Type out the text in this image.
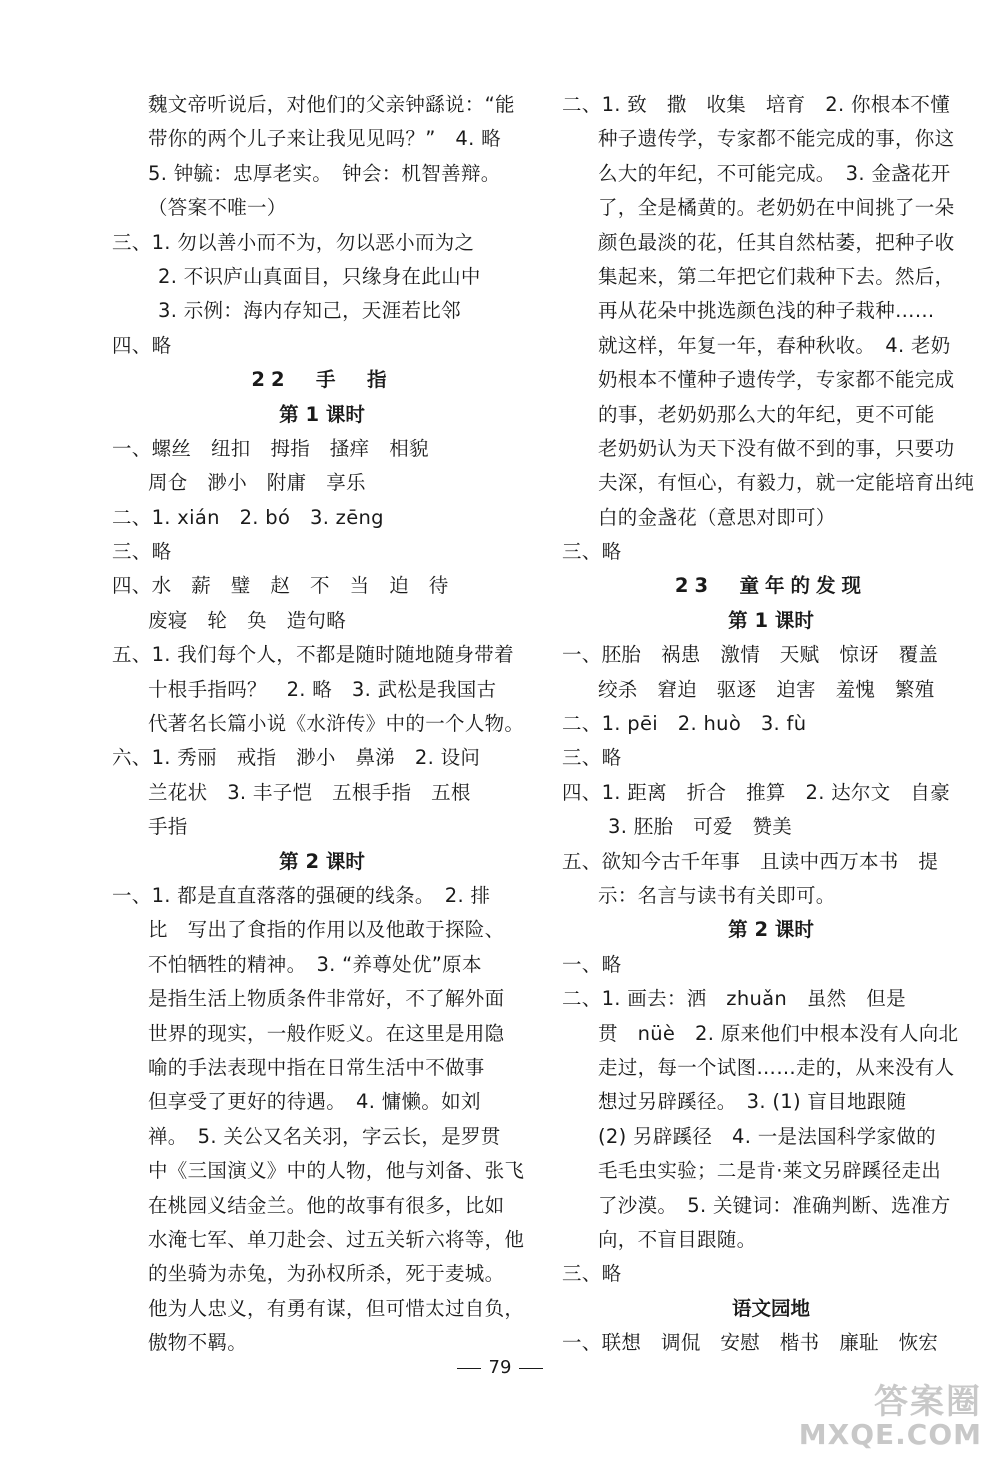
魏文帝听说后，对他们的父亲钟繇说：“能
带你的两个儿子来让我见见吗？”　4. 略
5. 钟毓：忠厚老实。　钟会：机智善辩。
（答案不唯一）
三、1. 勿以善小而不为，勿以恶小而为之
2. 不识庐山真面目，只缘身在此山中
3. 示例：海内存知己，天涯若比邻
四、略
22　手　指
第 1 课时
一、螺丝　纽扣　拇指　搔痒　相貌
周仓　渺小　附庸　享乐
二、1. xián　2. bó　3. zēng
三、略
四、水　薪　璧　赵　不　当　迫　待
废寝　轮　奂　造句略
五、1. 我们每个人，不都是随时随地随身带着
十根手指吗？　2. 略　3. 武松是我国古
代著名长篇小说《水浒传》中的一个人物。
六、1. 秀丽　戒指　渺小　鼻涕　2. 设问
兰花状　3. 丰子恺　五根手指　五根
手指
第 2 课时
一、1. 都是直直落落的强硬的线条。　2. 排
比　写出了食指的作用以及他敢于探险、
不怕牺牲的精神。　3. “养尊处优”原本
是指生活上物质条件非常好，不了解外面
世界的现实，一般作贬义。在这里是用隐
喻的手法表现中指在日常生活中不做事
但享受了更好的待遇。　4. 慵懒。如刘
禅。　5. 关公又名关羽，字云长，是罗贯
中《三国演义》中的人物，他与刘备、张飞
在桃园义结金兰。他的故事有很多，比如
水淹七军、单刀赴会、过五关斩六将等，他
的坐骑为赤兔，为孙权所杀，死于麦城。
他为人忠义，有勇有谋，但可惜太过自负，
傲物不羁。
二、1. 致　撒　收集　培育　2. 你根本不懂
种子遗传学，专家都不能完成的事，你这
么大的年纪，不可能完成。　3. 金盏花开
了，全是橘黄的。老奶奶在中间挑了一朵
颜色最淡的花，任其自然枯萎，把种子收
集起来，第二年把它们栽种下去。然后，
再从花朵中挑选颜色浅的种子栽种……
就这样，年复一年，春种秋收。　4. 老奶
奶根本不懂种子遗传学，专家都不能完成
的事，老奶奶那么大的年纪，更不可能
老奶奶认为天下没有做不到的事，只要功
夫深，有恒心，有毅力，就一定能培育出纯
白的金盏花（意思对即可）
三、略
23　童年的发现
第 1 课时
一、胚胎　祸患　激情　天赋　惊讶　覆盖
绞杀　窘迫　驱逐　迫害　羞愧　繁殖
二、1. pēi　2. huò　3. fù
三、略
四、1. 距离　折合　推算　2. 达尔文　自豪
3. 胚胎　可爱　赞美
五、欲知今古千年事　且读中西万本书　提
示：名言与读书有关即可。
第 2 课时
一、略
二、1. 画去：洒　zhuǎn　虽然　但是
贯　nüè　2. 原来他们中根本没有人向北
走过，每一个试图……走的，从来没有人
想过另辟蹊径。　3. (1) 盲目地跟随
(2) 另辟蹊径　4. 一是法国科学家做的
毛毛虫实验；二是肯·莱文另辟蹊径走出
了沙漠。　5. 关键词：准确判断、选准方
向，不盲目跟随。
三、略
语文园地
一、联想　调侃　安慰　楷书　廉耻　恢宏
79
答案圈
MXQE.COM
